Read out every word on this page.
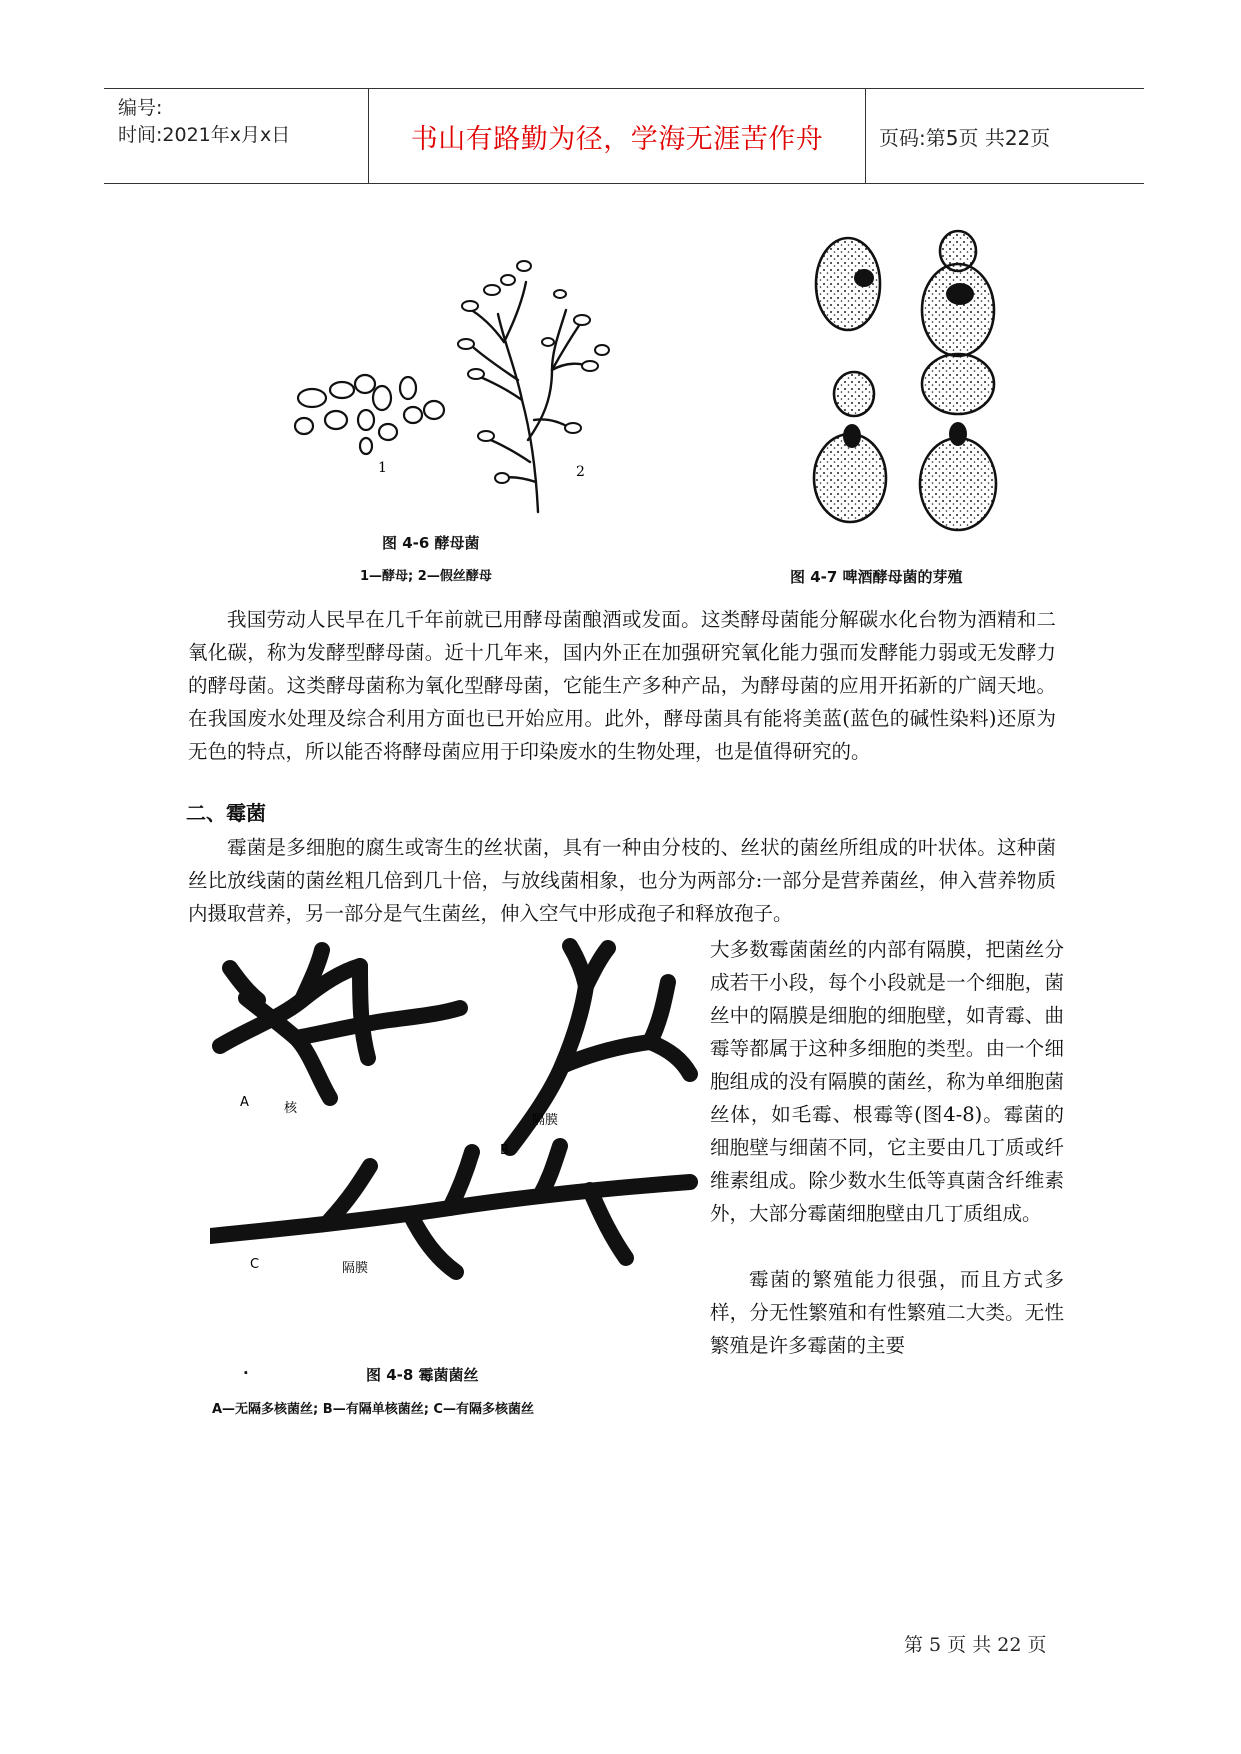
编号:
时间:2021年x月x日	书山有路勤为径，学海无涯苦作舟	页码:第5页 共22页
1	2
图 4-6 酵母菌
1—酵母; 2—假丝酵母	图 4-7 啤酒酵母菌的芽殖
我国劳动人民早在几千年前就已用酵母菌酿酒或发面。这类酵母菌能分解碳水化台物为酒精和二氧化碳，称为发酵型酵母菌。近十几年来，国内外正在加强研究氧化能力强而发酵能力弱或无发酵力的酵母菌。这类酵母菌称为氧化型酵母菌，它能生产多种产品，为酵母菌的应用开拓新的广阔天地。在我国废水处理及综合利用方面也已开始应用。此外，酵母菌具有能将美蓝(蓝色的碱性染料)还原为无色的特点，所以能否将酵母菌应用于印染废水的生物处理，也是值得研究的。
二、霉菌
霉菌是多细胞的腐生或寄生的丝状菌，具有一种由分枝的、丝状的菌丝所组成的叶状体。这种菌丝比放线菌的菌丝粗几倍到几十倍，与放线菌相象，也分为两部分:一部分是营养菌丝，伸入营养物质内摄取营养，另一部分是气生菌丝，伸入空气中形成孢子和释放孢子。
A	核
隔膜
B
C	隔膜
.	图 4-8 霉菌菌丝
A—无隔多核菌丝; B—有隔单核菌丝; C—有隔多核菌丝
大多数霉菌菌丝的内部有隔膜，把菌丝分成若干小段，每个小段就是一个细胞，菌丝中的隔膜是细胞的细胞壁，如青霉、曲霉等都属于这种多细胞的类型。由一个细胞组成的没有隔膜的菌丝，称为单细胞菌丝体，如毛霉、根霉等(图4-8)。霉菌的细胞壁与细菌不同，它主要由几丁质或纤维素组成。除少数水生低等真菌含纤维素外，大部分霉菌细胞壁由几丁质组成。
霉菌的繁殖能力很强，而且方式多样，分无性繁殖和有性繁殖二大类。无性繁殖是许多霉菌的主要
第 5 页 共 22 页
